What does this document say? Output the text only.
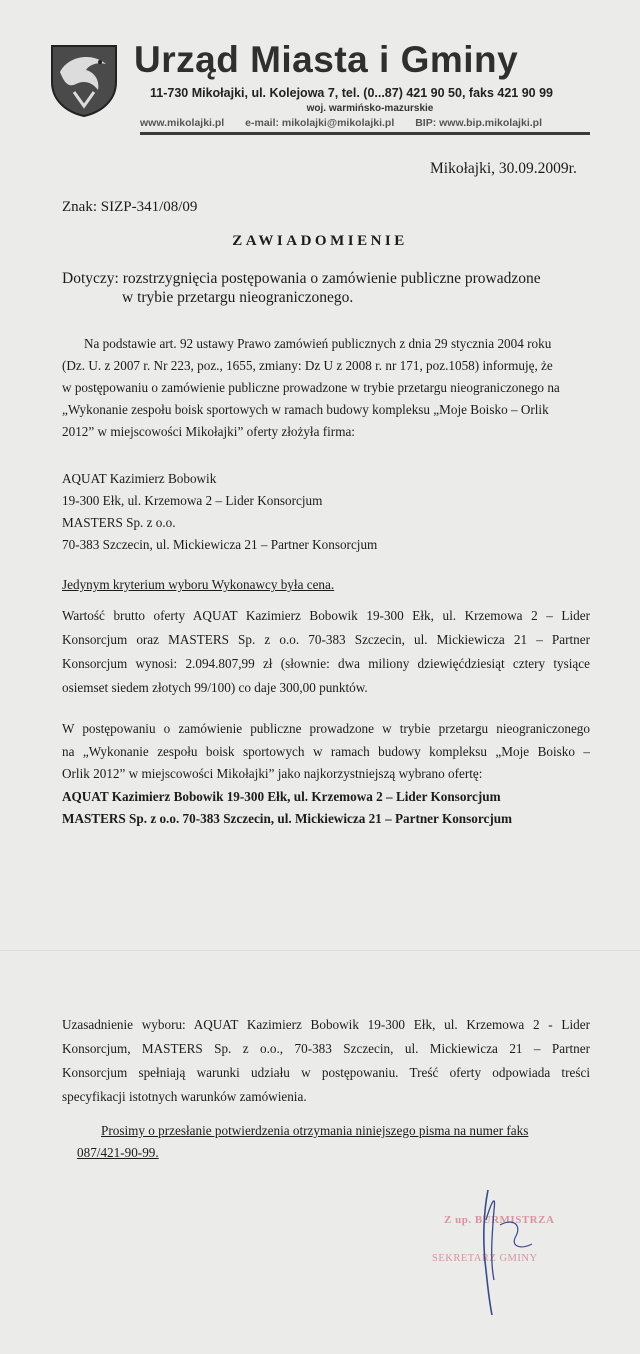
Urząd Miasta i Gminy
11-730 Mikołajki, ul. Kolejowa 7, tel. (0...87) 421 90 50, faks 421 90 99
woj. warmińsko-mazurskie
www.mikolajki.pl e-mail: mikolajki@mikolajki.pl BIP: www.bip.mikolajki.pl
Mikołajki, 30.09.2009r.
Znak: SIZP-341/08/09
ZAWIADOMIENIE
Dotyczy: rozstrzygnięcia postępowania o zamówienie publiczne prowadzone
w trybie przetargu nieograniczonego.
Na podstawie art. 92 ustawy Prawo zamówień publicznych z dnia 29 stycznia 2004 roku
(Dz. U. z 2007 r. Nr 223, poz., 1655, zmiany: Dz U z 2008 r. nr 171, poz.1058) informuję, że
w postępowaniu o zamówienie publiczne prowadzone w trybie przetargu nieograniczonego na
„Wykonanie zespołu boisk sportowych w ramach budowy kompleksu „Moje Boisko – Orlik
2012” w miejscowości Mikołajki” oferty złożyła firma:
AQUAT Kazimierz Bobowik
19-300 Ełk, ul. Krzemowa 2 – Lider Konsorcjum
MASTERS Sp. z o.o.
70-383 Szczecin, ul. Mickiewicza 21 – Partner Konsorcjum
Jedynym kryterium wyboru Wykonawcy była cena.
Wartość brutto oferty AQUAT Kazimierz Bobowik 19-300 Ełk, ul. Krzemowa 2 – Lider
Konsorcjum oraz MASTERS Sp. z o.o. 70-383 Szczecin, ul. Mickiewicza 21 – Partner
Konsorcjum wynosi: 2.094.807,99 zł (słownie: dwa miliony dziewięćdziesiąt cztery tysiące
osiemset siedem złotych 99/100) co daje 300,00 punktów.
W postępowaniu o zamówienie publiczne prowadzone w trybie przetargu nieograniczonego
na „Wykonanie zespołu boisk sportowych w ramach budowy kompleksu „Moje Boisko –
Orlik 2012” w miejscowości Mikołajki” jako najkorzystniejszą wybrano ofertę:
AQUAT Kazimierz Bobowik 19-300 Ełk, ul. Krzemowa 2 – Lider Konsorcjum
MASTERS Sp. z o.o. 70-383 Szczecin, ul. Mickiewicza 21 – Partner Konsorcjum
Uzasadnienie wyboru: AQUAT Kazimierz Bobowik 19-300 Ełk, ul. Krzemowa 2 - Lider
Konsorcjum, MASTERS Sp. z o.o., 70-383 Szczecin, ul. Mickiewicza 21 – Partner
Konsorcjum spełniają warunki udziału w postępowaniu. Treść oferty odpowiada treści
specyfikacji istotnych warunków zamówienia.
Prosimy o przesłanie potwierdzenia otrzymania niniejszego pisma na numer faks
087/421-90-99.
Z up. BURMISTRZA
SEKRETARZ GMINY
